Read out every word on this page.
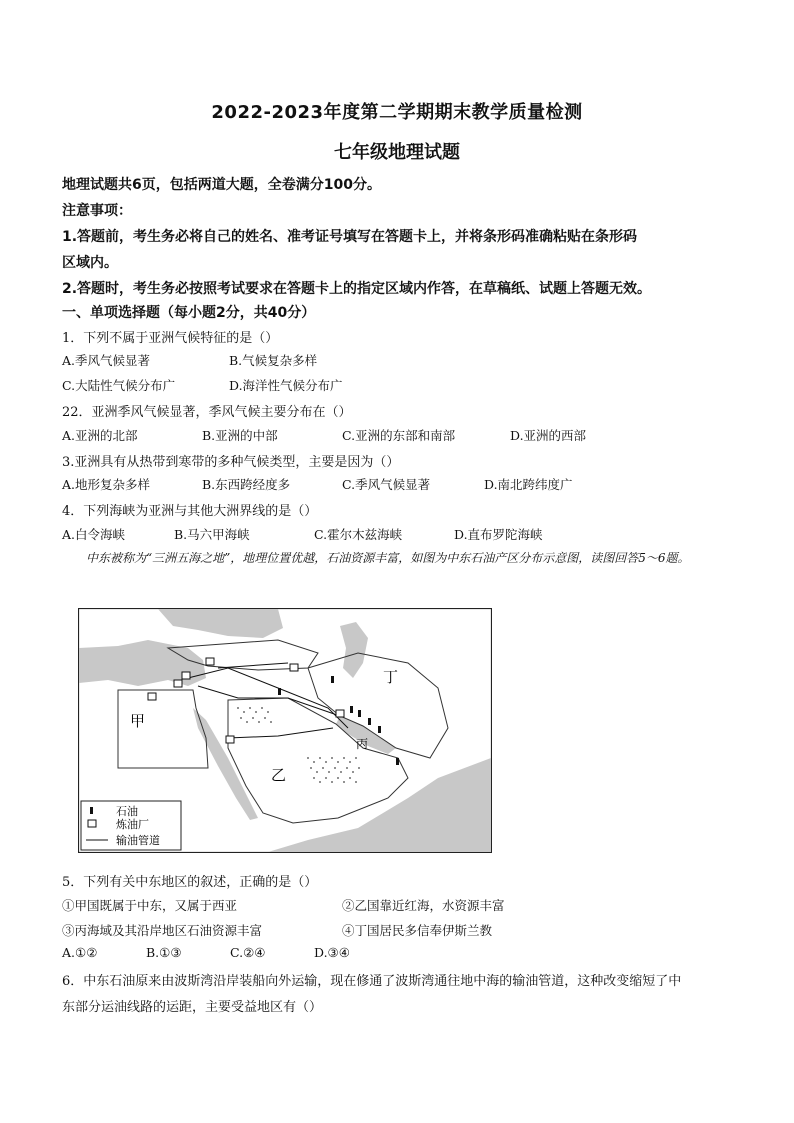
2022-2023年度第二学期期末教学质量检测
七年级地理试题
地理试题共6页，包括两道大题，全卷满分100分。
注意事项：
1.答题前，考生务必将自己的姓名、准考证号填写在答题卡上，并将条形码准确粘贴在条形码
区域内。
2.答题时，考生务必按照考试要求在答题卡上的指定区域内作答，在草稿纸、试题上答题无效。
一、单项选择题（每小题2分，共40分）
1．下列不属于亚洲气候特征的是（）
A.季风气候显著	B.气候复杂多样
C.大陆性气候分布广	D.海洋性气候分布广
22．亚洲季风气候显著，季风气候主要分布在（）
A.亚洲的北部	B.亚洲的中部	C.亚洲的东部和南部	D.亚洲的西部
3.亚洲具有从热带到寒带的多种气候类型，主要是因为（）
A.地形复杂多样	B.东西跨经度多	C.季风气候显著	D.南北跨纬度广
4．下列海峡为亚洲与其他大洲界线的是（）
A.白令海峡	B.马六甲海峡	C.霍尔木兹海峡	D.直布罗陀海峡
中东被称为“三洲五海之地”，地理位置优越，石油资源丰富，如图为中东石油产区分布示意图，读图回答5～6题。
甲
乙
丙
丁
石油
炼油厂
输油管道
5．下列有关中东地区的叙述，正确的是（）
①甲国既属于中东，又属于西亚	②乙国靠近红海，水资源丰富
③丙海域及其沿岸地区石油资源丰富	④丁国居民多信奉伊斯兰教
A.①②	B.①③	C.②④	D.③④
6．中东石油原来由波斯湾沿岸装船向外运输，现在修通了波斯湾通往地中海的输油管道，这种改变缩短了中
东部分运油线路的运距，主要受益地区有（）
